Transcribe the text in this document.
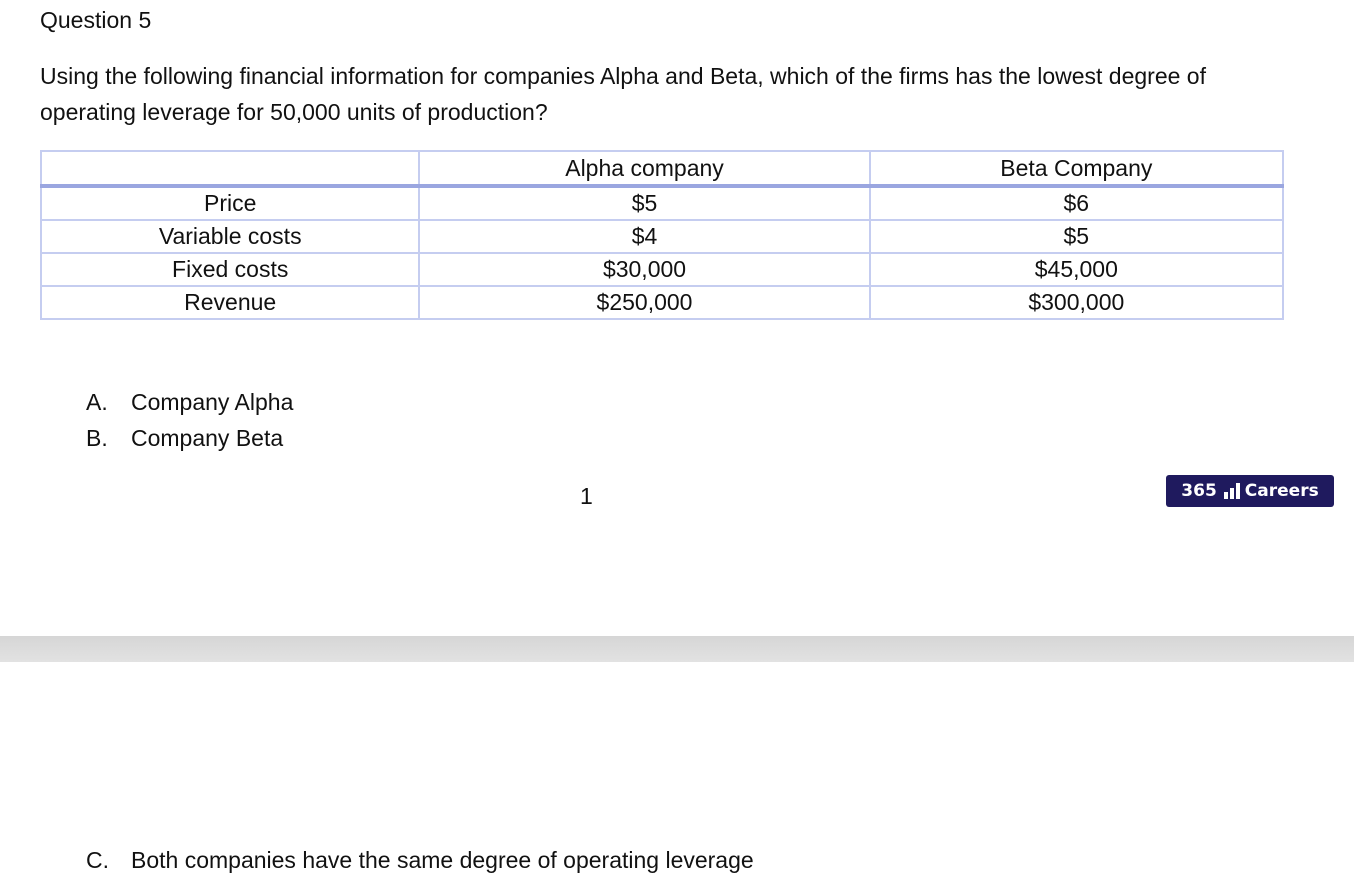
Question 5
Using the following financial information for companies Alpha and Beta, which of the firms has the lowest degree of operating leverage for 50,000 units of production?
	Alpha company	Beta Company
Price	$5	$6
Variable costs	$4	$5
Fixed costs	$30,000	$45,000
Revenue	$250,000	$300,000
A.	Company Alpha
B.	Company Beta
1	365 Careers
C. Both companies have the same degree of operating leverage
